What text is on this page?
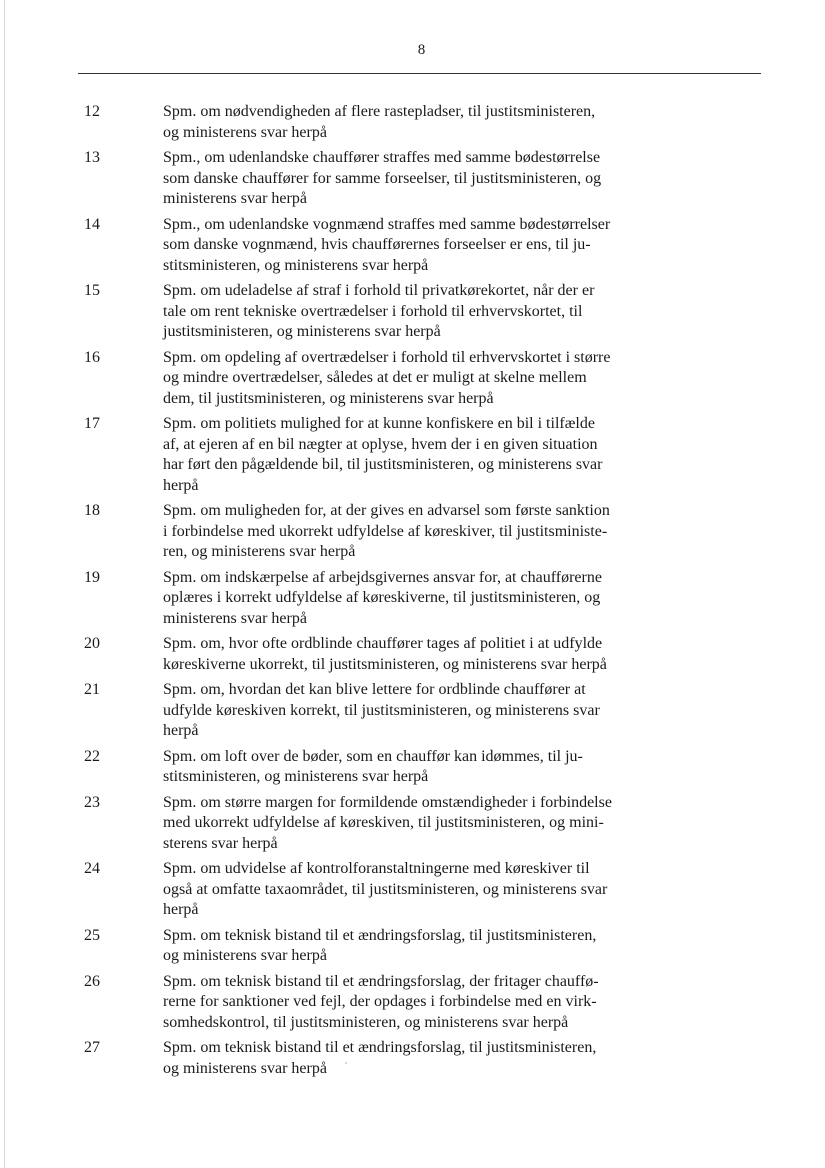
8
12	Spm. om nødvendigheden af flere rastepladser, til justitsministeren,
og ministerens svar herpå
13	Spm., om udenlandske chauffører straffes med samme bødestørrelse
som danske chauffører for samme forseelser, til justitsministeren, og
ministerens svar herpå
14	Spm., om udenlandske vognmænd straffes med samme bødestørrelser
som danske vognmænd, hvis chaufførernes forseelser er ens, til ju-
stitsministeren, og ministerens svar herpå
15	Spm. om udeladelse af straf i forhold til privatkørekortet, når der er
tale om rent tekniske overtrædelser i forhold til erhvervskortet, til
justitsministeren, og ministerens svar herpå
16	Spm. om opdeling af overtrædelser i forhold til erhvervskortet i større
og mindre overtrædelser, således at det er muligt at skelne mellem
dem, til justitsministeren, og ministerens svar herpå
17	Spm. om politiets mulighed for at kunne konfiskere en bil i tilfælde
af, at ejeren af en bil nægter at oplyse, hvem der i en given situation
har ført den pågældende bil, til justitsministeren, og ministerens svar
herpå
18	Spm. om muligheden for, at der gives en advarsel som første sanktion
i forbindelse med ukorrekt udfyldelse af køreskiver, til justitsministe-
ren, og ministerens svar herpå
19	Spm. om indskærpelse af arbejdsgivernes ansvar for, at chaufførerne
oplæres i korrekt udfyldelse af køreskiverne, til justitsministeren, og
ministerens svar herpå
20	Spm. om, hvor ofte ordblinde chauffører tages af politiet i at udfylde
køreskiverne ukorrekt, til justitsministeren, og ministerens svar herpå
21	Spm. om, hvordan det kan blive lettere for ordblinde chauffører at
udfylde køreskiven korrekt, til justitsministeren, og ministerens svar
herpå
22	Spm. om loft over de bøder, som en chauffør kan idømmes, til ju-
stitsministeren, og ministerens svar herpå
23	Spm. om større margen for formildende omstændigheder i forbindelse
med ukorrekt udfyldelse af køreskiven, til justitsministeren, og mini-
sterens svar herpå
24	Spm. om udvidelse af kontrolforanstaltningerne med køreskiver til
også at omfatte taxaområdet, til justitsministeren, og ministerens svar
herpå
25	Spm. om teknisk bistand til et ændringsforslag, til justitsministeren,
og ministerens svar herpå
26	Spm. om teknisk bistand til et ændringsforslag, der fritager chauffø-
rerne for sanktioner ved fejl, der opdages i forbindelse med en virk-
somhedskontrol, til justitsministeren, og ministerens svar herpå
27	Spm. om teknisk bistand til et ændringsforslag, til justitsministeren,
og ministerens svar herpå
